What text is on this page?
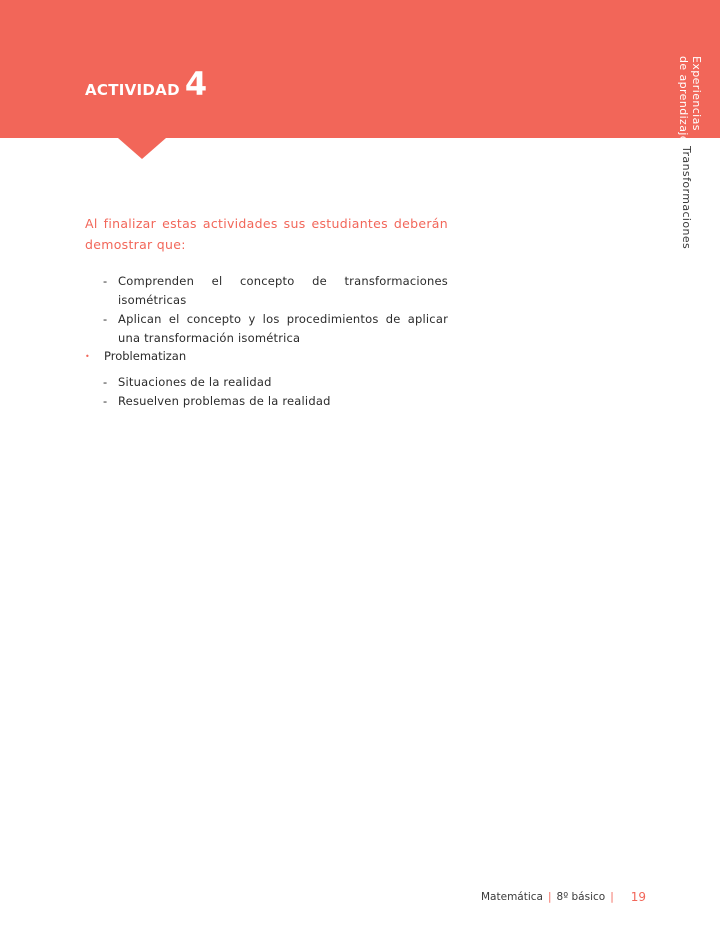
ACTIVIDAD 4	Experiencias
de aprendizaje
Transformaciones
Al finalizar estas actividades sus estudiantes deberán demostrar que:
- Comprenden el concepto de transformaciones isométricas
- Aplican el concepto y los procedimientos de aplicar una transformación isométrica
• Problematizan
- Situaciones de la realidad
- Resuelven problemas de la realidad
Matemática | 8º básico | 19
